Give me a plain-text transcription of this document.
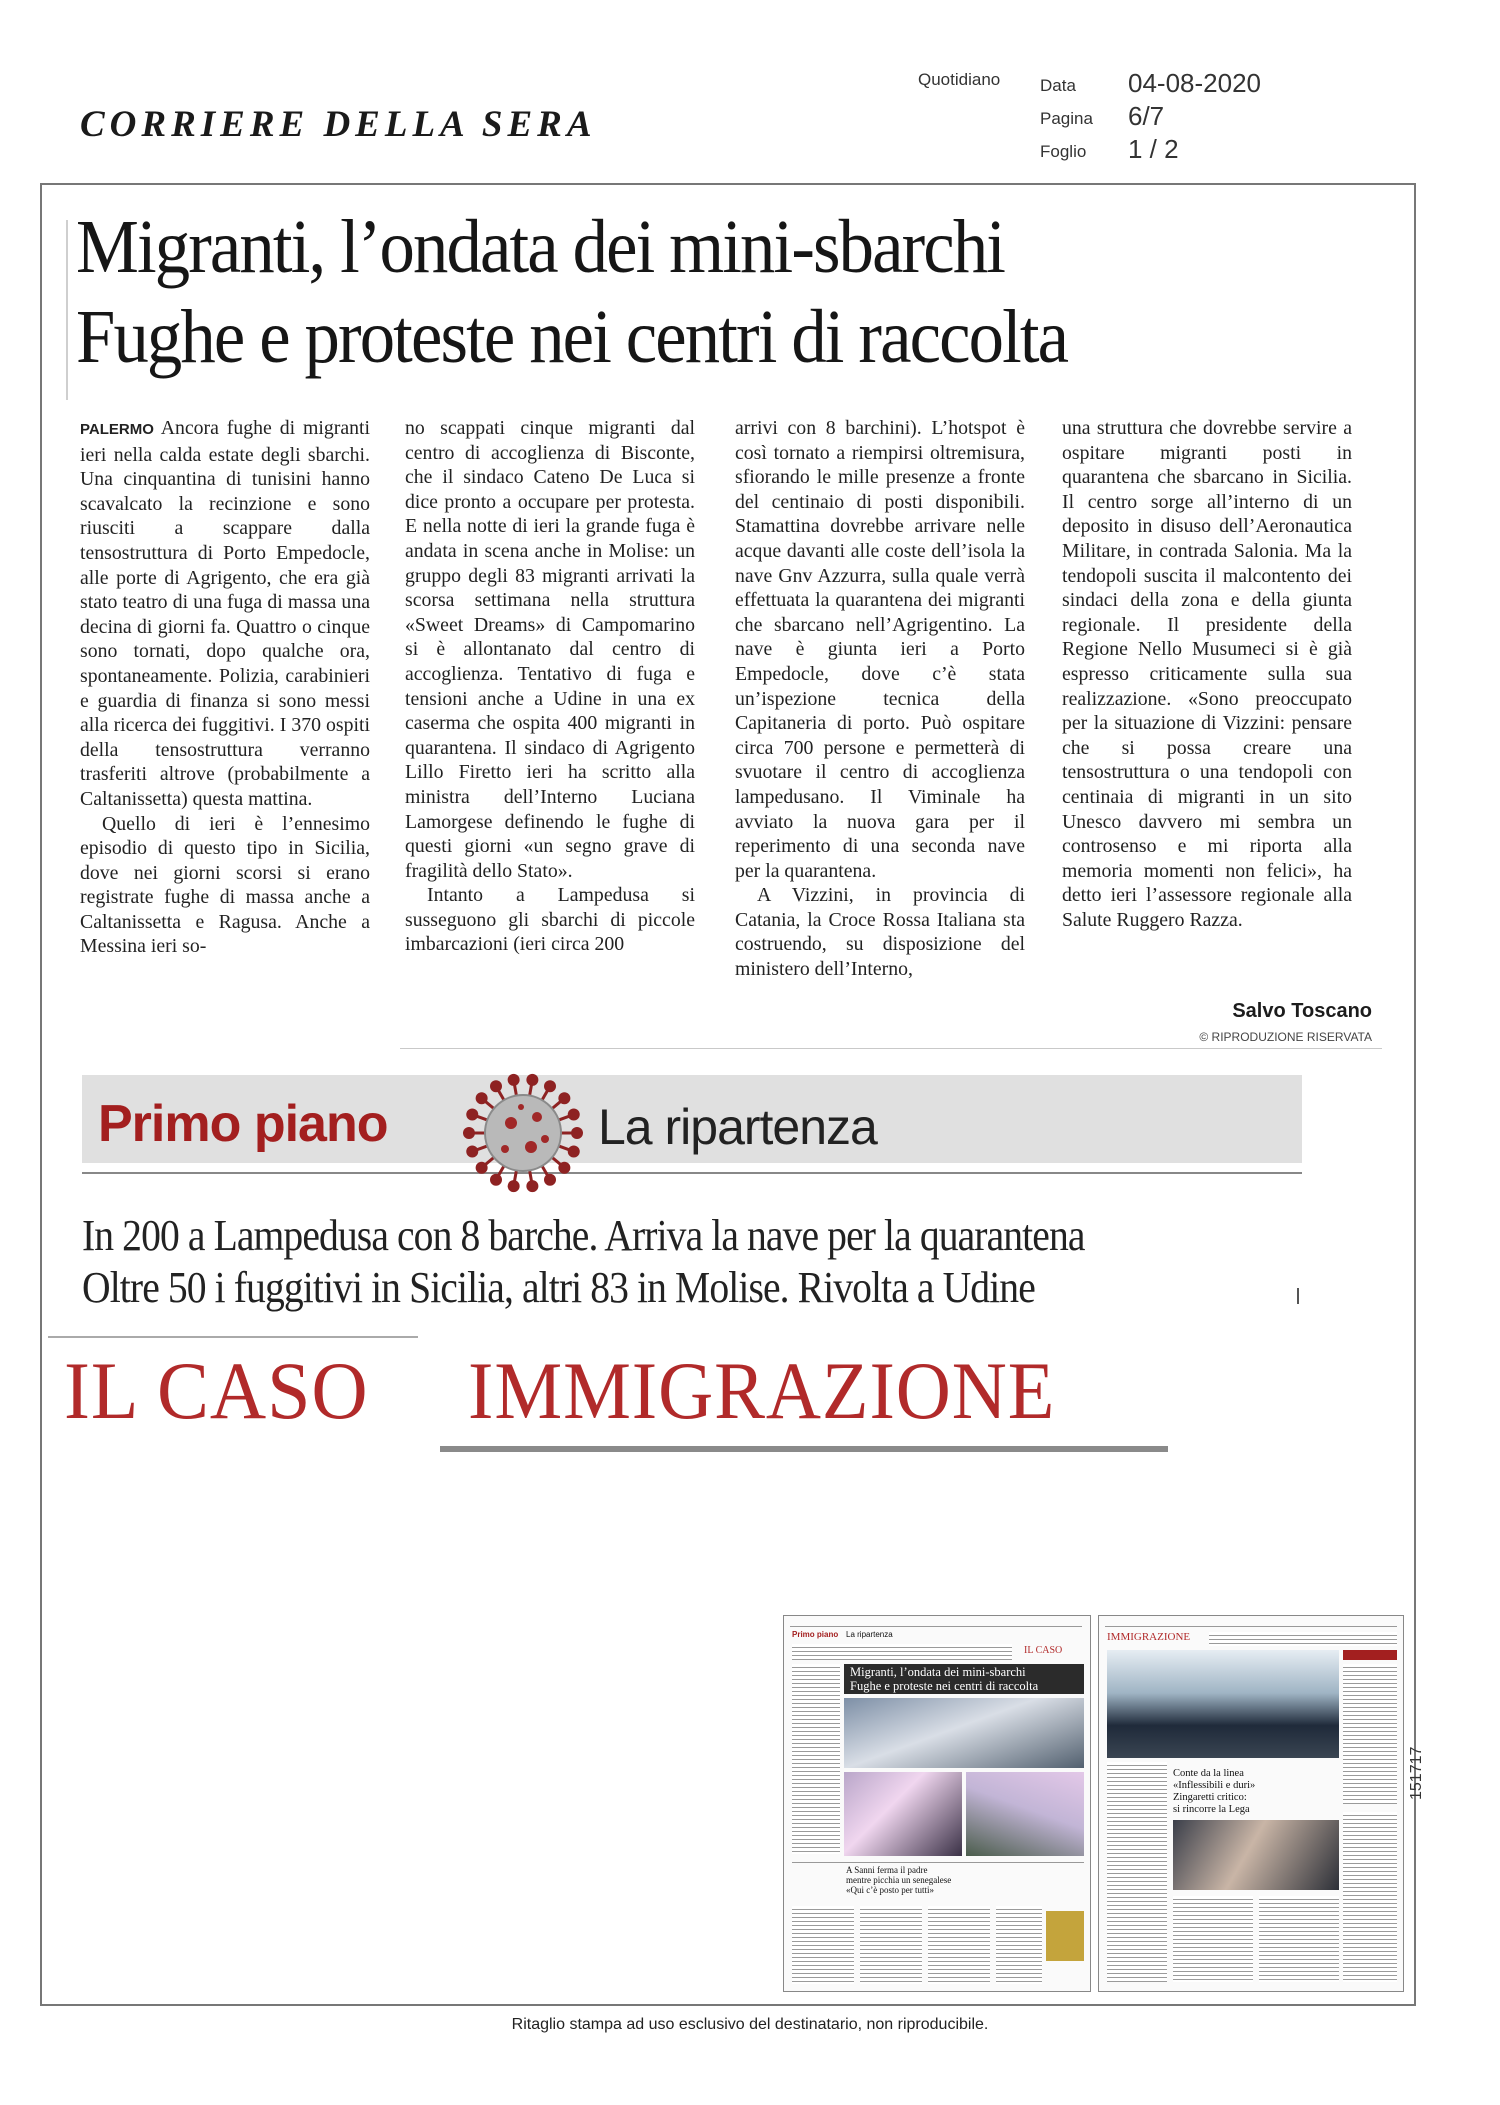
CORRIERE DELLA SERA
Quotidiano Data 04-08-2020
Pagina 6/7
Foglio 1 / 2
151717
Ritaglio stampa ad uso esclusivo del destinatario, non riproducibile.
Migranti, l’ondata dei mini-sbarchi
Fughe e proteste nei centri di raccolta

PALERMO Ancora fughe di migranti ieri nella calda estate degli sbarchi. Una cinquantina di tunisini hanno scavalcato la recinzione e sono riusciti a scappare dalla tensostruttura di Porto Empedocle, alle porte di Agrigento, che era già stato teatro di una fuga di massa una decina di giorni fa. Quattro o cinque sono tornati, dopo qualche ora, spontaneamente. Polizia, carabinieri e guardia di finanza si sono messi alla ricerca dei fuggitivi. I 370 ospiti della tensostruttura verranno trasferiti altrove (probabilmente a Caltanissetta) questa mattina.

Quello di ieri è l’ennesimo episodio di questo tipo in Sicilia, dove nei giorni scorsi si erano registrate fughe di massa anche a Caltanissetta e Ragusa. Anche a Messina ieri so-

no scappati cinque migranti dal centro di accoglienza di Bisconte, che il sindaco Cateno De Luca si dice pronto a occupare per protesta. E nella notte di ieri la grande fuga è andata in scena anche in Molise: un gruppo degli 83 migranti arrivati la scorsa settimana nella struttura «Sweet Dreams» di Campomarino si è allontanato dal centro di accoglienza. Tentativo di fuga e tensioni anche a Udine in una ex caserma che ospita 400 migranti in quarantena. Il sindaco di Agrigento Lillo Firetto ieri ha scritto alla ministra dell’Interno Luciana Lamorgese definendo le fughe di questi giorni «un segno grave di fragilità dello Stato».

Intanto a Lampedusa si susseguono gli sbarchi di piccole imbarcazioni (ieri circa 200

arrivi con 8 barchini). L’hotspot è così tornato a riempirsi oltremisura, sfiorando le mille presenze a fronte del centinaio di posti disponibili. Stamattina dovrebbe arrivare nelle acque davanti alle coste dell’isola la nave Gnv Azzurra, sulla quale verrà effettuata la quarantena dei migranti che sbarcano nell’Agrigentino. La nave è giunta ieri a Porto Empedocle, dove c’è stata un’ispezione tecnica della Capitaneria di porto. Può ospitare circa 700 persone e permetterà di svuotare il centro di accoglienza lampedusano. Il Viminale ha avviato la nuova gara per il reperimento di una seconda nave per la quarantena.

A Vizzini, in provincia di Catania, la Croce Rossa Italiana sta costruendo, su disposizione del ministero dell’Interno,

una struttura che dovrebbe servire a ospitare migranti posti in quarantena che sbarcano in Sicilia. Il centro sorge all’interno di un deposito in disuso dell’Aeronautica Militare, in contrada Salonia. Ma la tendopoli suscita il malcontento dei sindaci della zona e della giunta regionale. Il presidente della Regione Nello Musumeci si è già espresso criticamente sulla sua realizzazione. «Sono preoccupato per la situazione di Vizzini: pensare che si possa creare una tensostruttura o una tendopoli con centinaia di migranti in un sito Unesco davvero mi sembra un controsenso e mi riporta alla memoria momenti non felici», ha detto ieri l’assessore regionale alla Salute Ruggero Razza.

Salvo Toscano
© RIPRODUZIONE RISERVATA
Primo piano	La ripartenza
In 200 a Lampedusa con 8 barche. Arriva la nave per la quarantena
Oltre 50 i fuggitivi in Sicilia, altri 83 in Molise. Rivolta a Udine
IL CASO IMMIGRAZIONE
Primo piano La ripartenza
IL CASO
Migranti, l’ondata dei mini-sbarchi
Fughe e proteste nei centri di raccolta
A Sanni ferma il padre
mentre picchia un senegalese
«Qui c’è posto per tutti»
IMMIGRAZIONE
Conte da la linea
«Inflessibili e duri»
Zingaretti critico:
si rincorre la Lega
